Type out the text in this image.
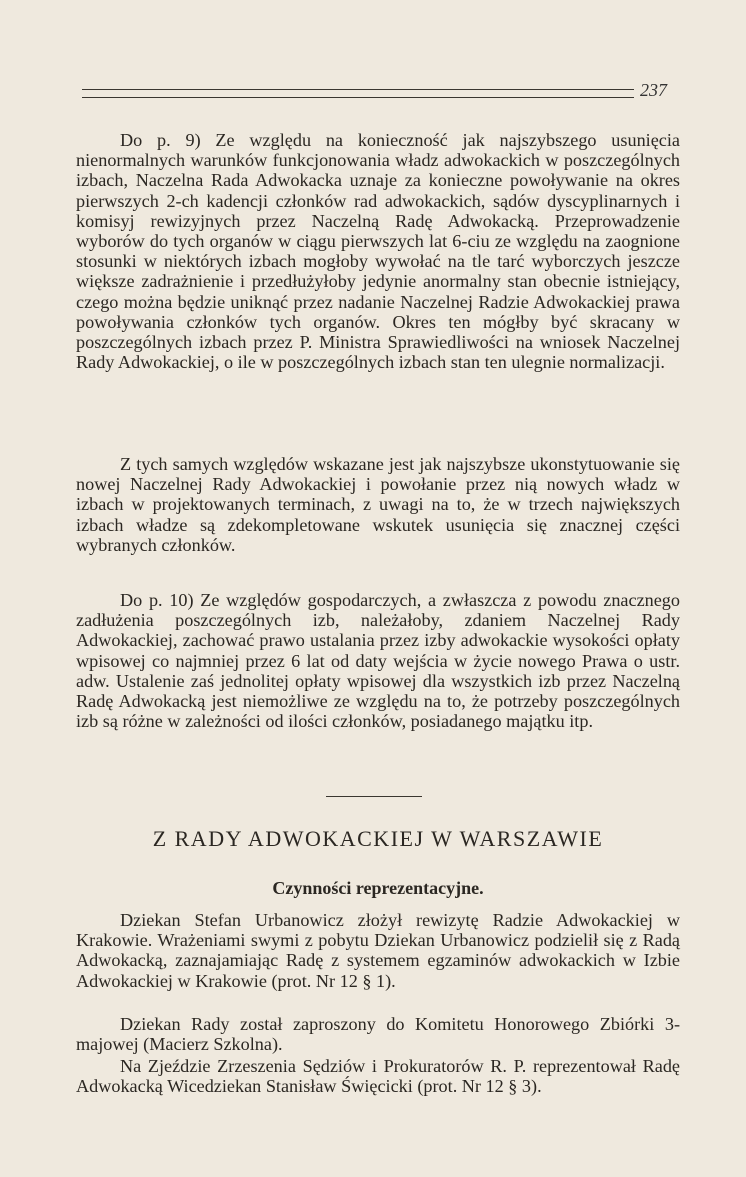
237

Do p. 9) Ze względu na konieczność jak najszybszego usunięcia nienormalnych warunków funkcjonowania władz adwokackich w poszczególnych izbach, Naczelna Rada Adwokacka uznaje za konieczne powoływanie na okres pierwszych 2-ch kadencji członków rad adwokackich, sądów dyscyplinarnych i komisyj rewizyjnych przez Naczelną Radę Adwokacką. Przeprowadzenie wyborów do tych organów w ciągu pierwszych lat 6-ciu ze względu na zaognione stosunki w niektórych izbach mogłoby wywołać na tle tarć wyborczych jeszcze większe zadrażnienie i przedłużyłoby jedynie anormalny stan obecnie istniejący, czego można będzie uniknąć przez nadanie Naczelnej Radzie Adwokackiej prawa powoływania członków tych organów. Okres ten mógłby być skracany w poszczególnych izbach przez P. Ministra Sprawiedliwości na wniosek Naczelnej Rady Adwokackiej, o ile w poszczególnych izbach stan ten ulegnie normalizacji.

Z tych samych względów wskazane jest jak najszybsze ukonstytuowanie się nowej Naczelnej Rady Adwokackiej i powołanie przez nią nowych władz w izbach w projektowanych terminach, z uwagi na to, że w trzech największych izbach władze są zdekompletowane wskutek usunięcia się znacznej części wybranych członków.

Do p. 10) Ze względów gospodarczych, a zwłaszcza z powodu znacznego zadłużenia poszczególnych izb, należałoby, zdaniem Naczelnej Rady Adwokackiej, zachować prawo ustalania przez izby adwokackie wysokości opłaty wpisowej co najmniej przez 6 lat od daty wejścia w życie nowego Prawa o ustr. adw. Ustalenie zaś jednolitej opłaty wpisowej dla wszystkich izb przez Naczelną Radę Adwokacką jest niemożliwe ze względu na to, że potrzeby poszczególnych izb są różne w zależności od ilości członków, posiadanego majątku itp.

Z RADY ADWOKACKIEJ W WARSZAWIE
Czynności reprezentacyjne.

Dziekan Stefan Urbanowicz złożył rewizytę Radzie Adwokackiej w Krakowie. Wrażeniami swymi z pobytu Dziekan Urbanowicz podzielił się z Radą Adwokacką, zaznajamiając Radę z systemem egzaminów adwokackich w Izbie Adwokackiej w Krakowie (prot. Nr 12 § 1).

Dziekan Rady został zaproszony do Komitetu Honorowego Zbiórki 3-majowej (Macierz Szkolna).

Na Zjeździe Zrzeszenia Sędziów i Prokuratorów R. P. reprezentował Radę Adwokacką Wicedziekan Stanisław Święcicki (prot. Nr 12 § 3).
